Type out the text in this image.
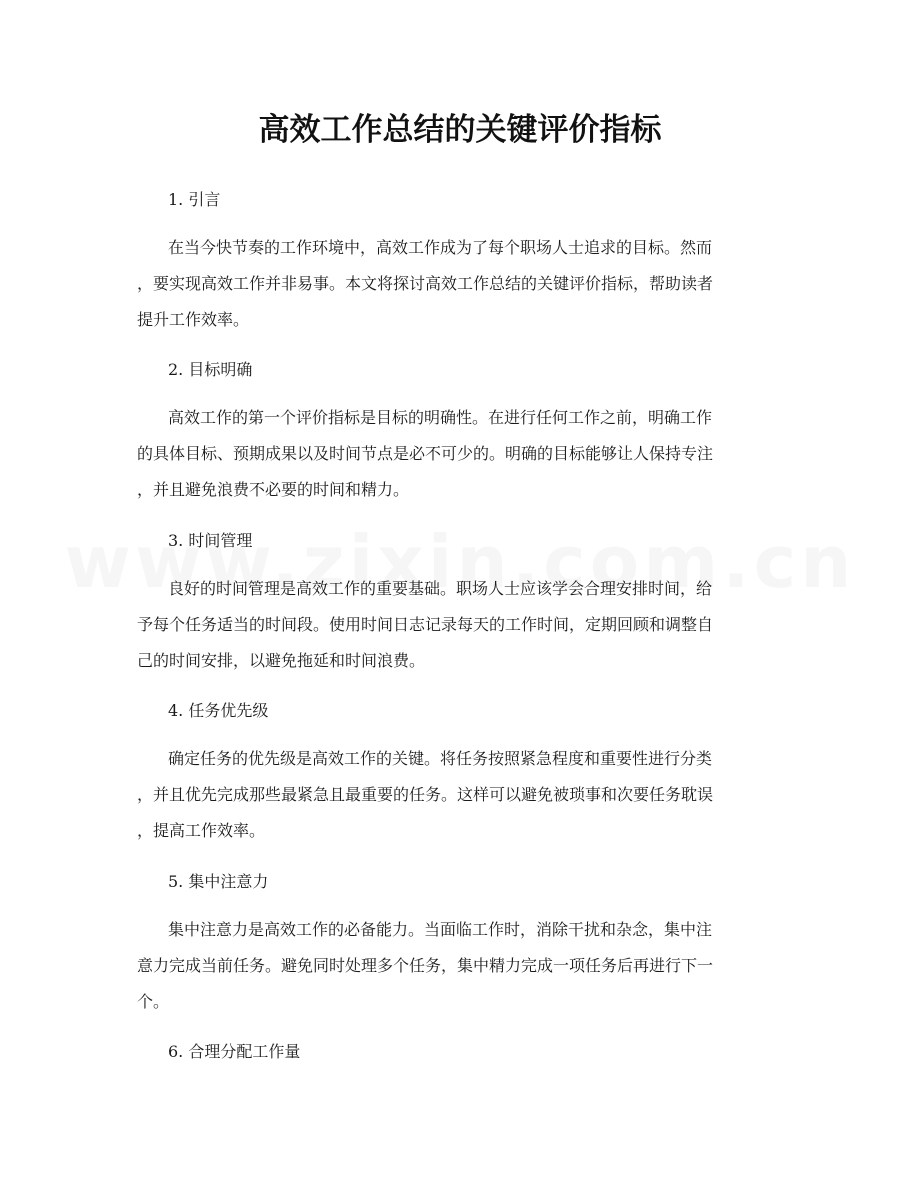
高效工作总结的关键评价指标

1. 引言

在当今快节奏的工作环境中，高效工作成为了每个职场人士追求的目标。然而
，要实现高效工作并非易事。本文将探讨高效工作总结的关键评价指标，帮助读者
提升工作效率。

2. 目标明确

高效工作的第一个评价指标是目标的明确性。在进行任何工作之前，明确工作
的具体目标、预期成果以及时间节点是必不可少的。明确的目标能够让人保持专注
，并且避免浪费不必要的时间和精力。

3. 时间管理

良好的时间管理是高效工作的重要基础。职场人士应该学会合理安排时间，给
予每个任务适当的时间段。使用时间日志记录每天的工作时间，定期回顾和调整自
己的时间安排，以避免拖延和时间浪费。

4. 任务优先级

确定任务的优先级是高效工作的关键。将任务按照紧急程度和重要性进行分类
，并且优先完成那些最紧急且最重要的任务。这样可以避免被琐事和次要任务耽误
，提高工作效率。

5. 集中注意力

集中注意力是高效工作的必备能力。当面临工作时，消除干扰和杂念，集中注
意力完成当前任务。避免同时处理多个任务，集中精力完成一项任务后再进行下一
个。

6. 合理分配工作量
